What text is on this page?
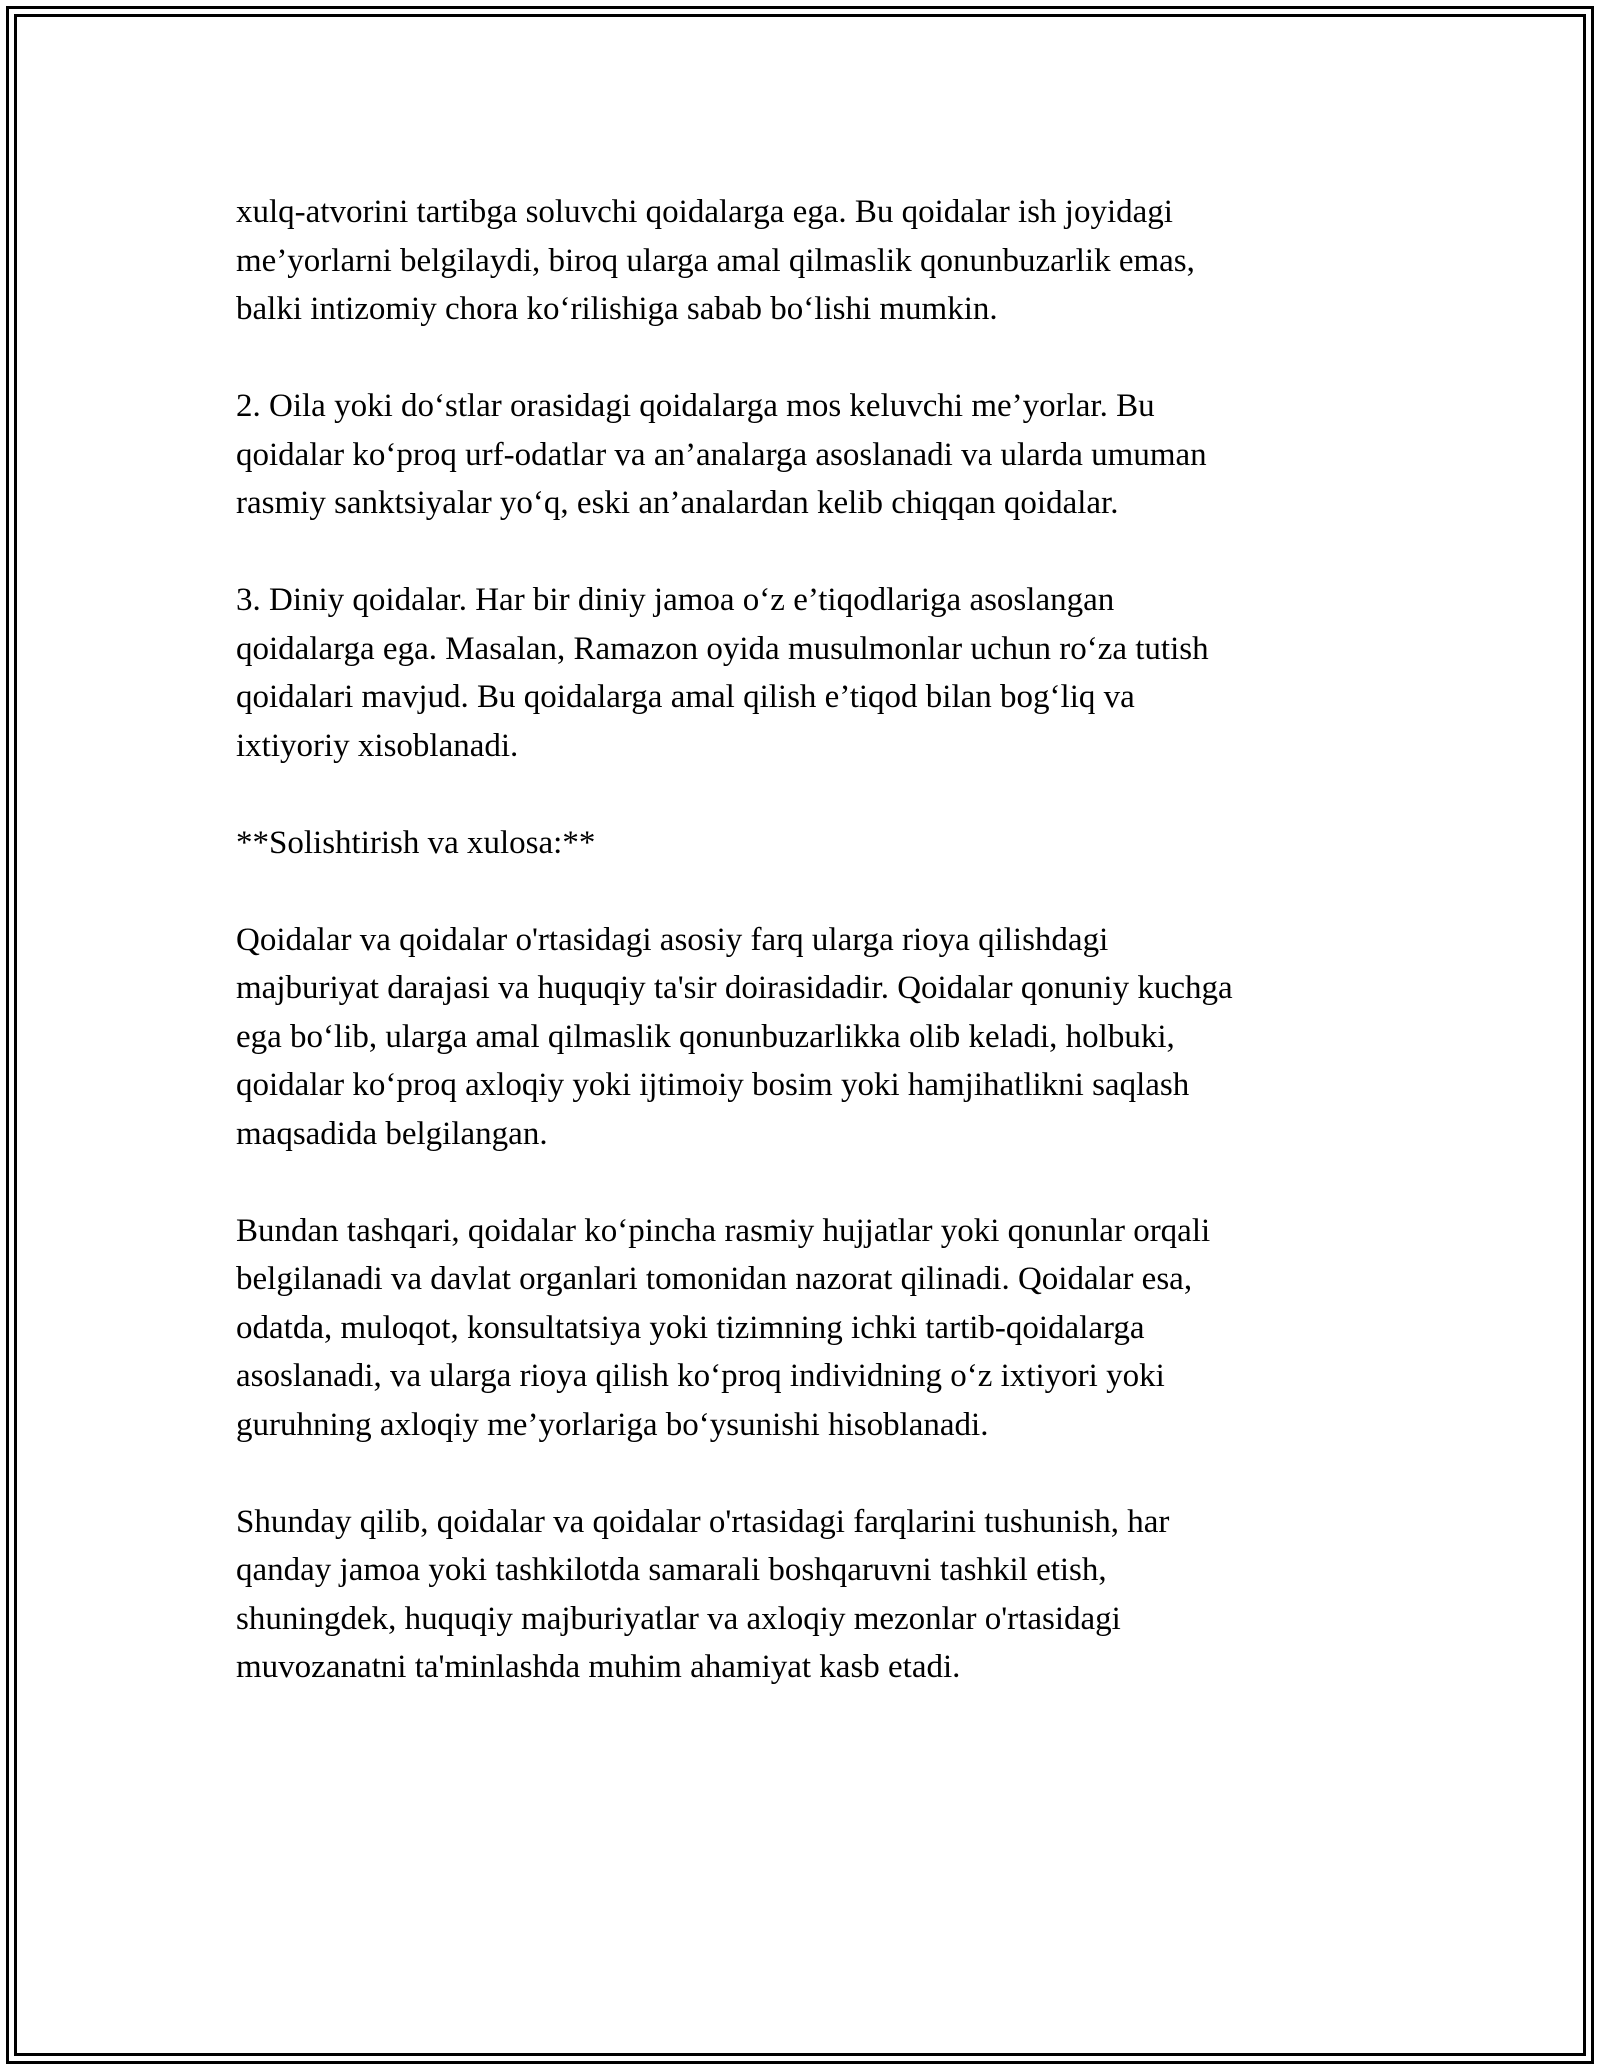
xulq-atvorini tartibga soluvchi qoidalarga ega. Bu qoidalar ish joyidagi
me’yorlarni belgilaydi, biroq ularga amal qilmaslik qonunbuzarlik emas,
balki intizomiy chora ko‘rilishiga sabab bo‘lishi mumkin.

2. Oila yoki do‘stlar orasidagi qoidalarga mos keluvchi me’yorlar. Bu
qoidalar ko‘proq urf-odatlar va an’analarga asoslanadi va ularda umuman
rasmiy sanktsiyalar yo‘q, eski an’analardan kelib chiqqan qoidalar.

3. Diniy qoidalar. Har bir diniy jamoa o‘z e’tiqodlariga asoslangan
qoidalarga ega. Masalan, Ramazon oyida musulmonlar uchun ro‘za tutish
qoidalari mavjud. Bu qoidalarga amal qilish e’tiqod bilan bog‘liq va
ixtiyoriy xisoblanadi.

**Solishtirish va xulosa:**

Qoidalar va qoidalar o'rtasidagi asosiy farq ularga rioya qilishdagi
majburiyat darajasi va huquqiy ta'sir doirasidadir. Qoidalar qonuniy kuchga
ega bo‘lib, ularga amal qilmaslik qonunbuzarlikka olib keladi, holbuki,
qoidalar ko‘proq axloqiy yoki ijtimoiy bosim yoki hamjihatlikni saqlash
maqsadida belgilangan.

Bundan tashqari, qoidalar ko‘pincha rasmiy hujjatlar yoki qonunlar orqali
belgilanadi va davlat organlari tomonidan nazorat qilinadi. Qoidalar esa,
odatda, muloqot, konsultatsiya yoki tizimning ichki tartib-qoidalarga
asoslanadi, va ularga rioya qilish ko‘proq individning o‘z ixtiyori yoki
guruhning axloqiy me’yorlariga bo‘ysunishi hisoblanadi.

Shunday qilib, qoidalar va qoidalar o'rtasidagi farqlarini tushunish, har
qanday jamoa yoki tashkilotda samarali boshqaruvni tashkil etish,
shuningdek, huquqiy majburiyatlar va axloqiy mezonlar o'rtasidagi
muvozanatni ta'minlashda muhim ahamiyat kasb etadi.
